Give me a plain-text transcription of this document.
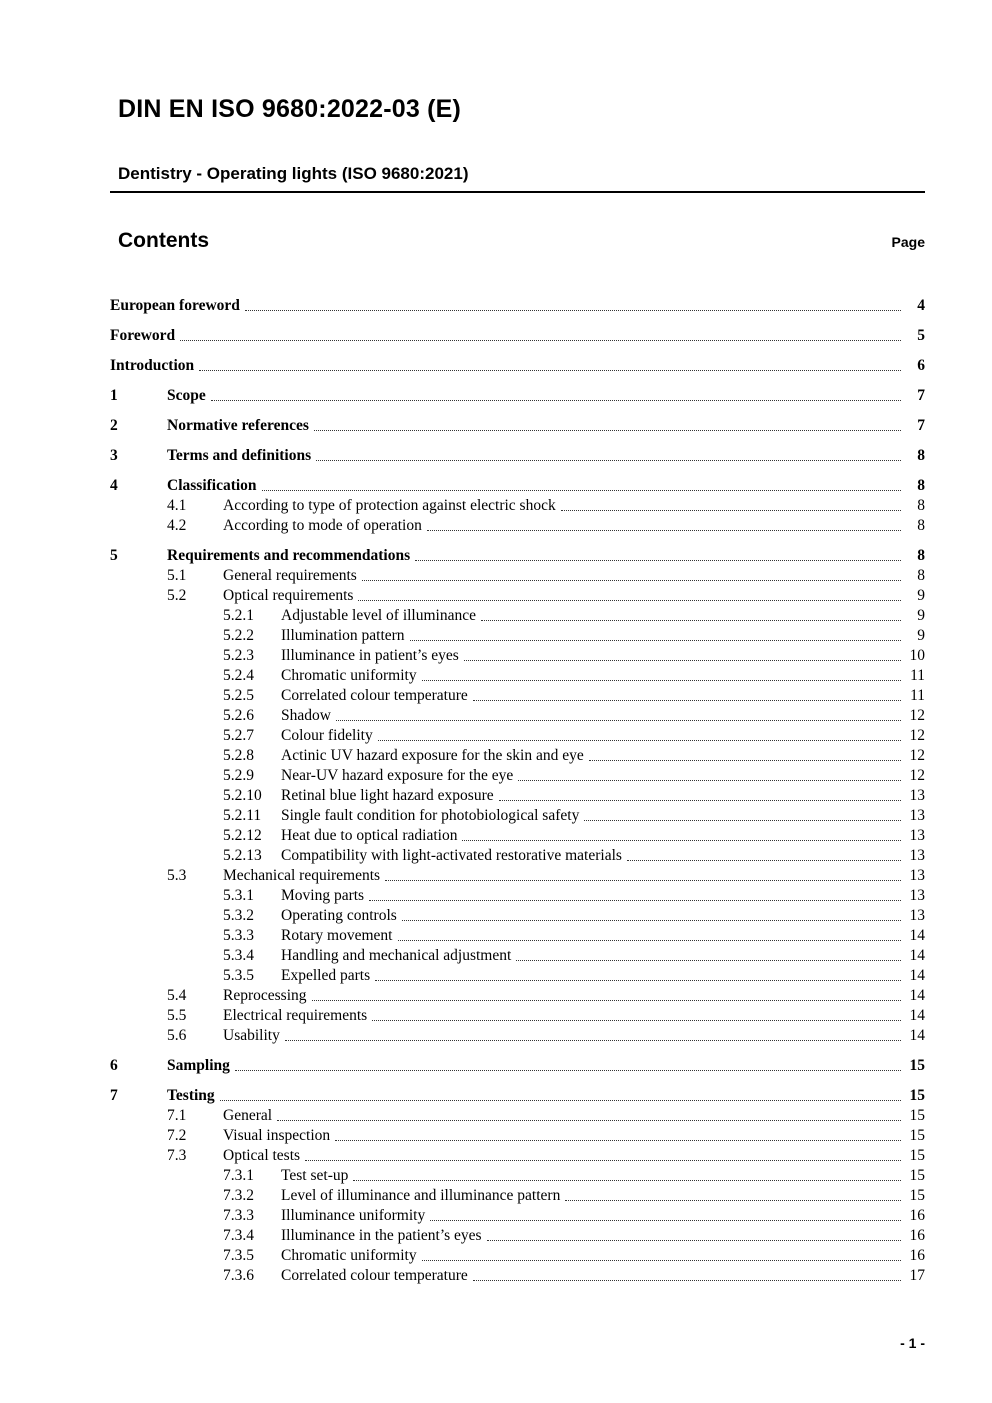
DIN EN ISO 9680:2022-03 (E)
Dentistry - Operating lights (ISO 9680:2021)
Contents	Page
European foreword	4
Foreword	5
Introduction	6
1	Scope	7
2	Normative references	7
3	Terms and definitions	8
4	Classification	8
4.1	According to type of protection against electric shock	8
4.2	According to mode of operation	8
5	Requirements and recommendations	8
5.1	General requirements	8
5.2	Optical requirements	9
5.2.1	Adjustable level of illuminance	9
5.2.2	Illumination pattern	9
5.2.3	Illuminance in patient’s eyes	10
5.2.4	Chromatic uniformity	11
5.2.5	Correlated colour temperature	11
5.2.6	Shadow	12
5.2.7	Colour fidelity	12
5.2.8	Actinic UV hazard exposure for the skin and eye	12
5.2.9	Near-UV hazard exposure for the eye	12
5.2.10	Retinal blue light hazard exposure	13
5.2.11	Single fault condition for photobiological safety	13
5.2.12	Heat due to optical radiation	13
5.2.13	Compatibility with light-activated restorative materials	13
5.3	Mechanical requirements	13
5.3.1	Moving parts	13
5.3.2	Operating controls	13
5.3.3	Rotary movement	14
5.3.4	Handling and mechanical adjustment	14
5.3.5	Expelled parts	14
5.4	Reprocessing	14
5.5	Electrical requirements	14
5.6	Usability	14
6	Sampling	15
7	Testing	15
7.1	General	15
7.2	Visual inspection	15
7.3	Optical tests	15
7.3.1	Test set-up	15
7.3.2	Level of illuminance and illuminance pattern	15
7.3.3	Illuminance uniformity	16
7.3.4	Illuminance in the patient’s eyes	16
7.3.5	Chromatic uniformity	16
7.3.6	Correlated colour temperature	17
- 1 -
